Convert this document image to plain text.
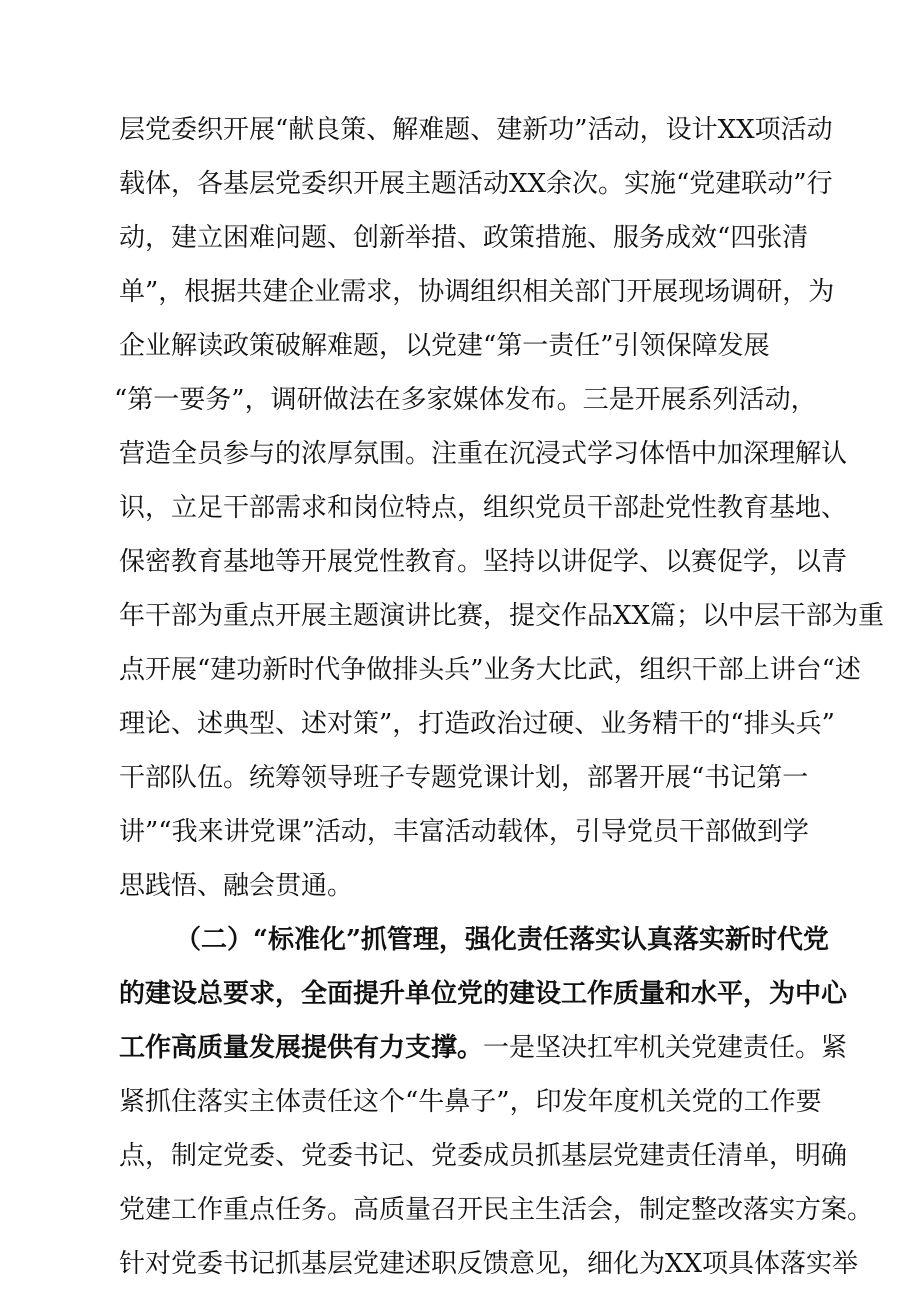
层党委织开展“献良策、解难题、建新功”活动，设计XX项活动
载体，各基层党委织开展主题活动XX余次。实施“党建联动”行
动，建立困难问题、创新举措、政策措施、服务成效“四张清
单”，根据共建企业需求，协调组织相关部门开展现场调研，为
企业解读政策破解难题，以党建“第一责任”引领保障发展
“第一要务”，调研做法在多家媒体发布。三是开展系列活动，
营造全员参与的浓厚氛围。注重在沉浸式学习体悟中加深理解认
识，立足干部需求和岗位特点，组织党员干部赴党性教育基地、
保密教育基地等开展党性教育。坚持以讲促学、以赛促学，以青
年干部为重点开展主题演讲比赛，提交作品XX篇；以中层干部为重
点开展“建功新时代争做排头兵”业务大比武，组织干部上讲台“述
理论、述典型、述对策”，打造政治过硬、业务精干的“排头兵”
干部队伍。统筹领导班子专题党课计划，部署开展“书记第一
讲”“我来讲党课”活动，丰富活动载体，引导党员干部做到学
思践悟、融会贯通。
（二）“标准化”抓管理，强化责任落实认真落实新时代党
的建设总要求，全面提升单位党的建设工作质量和水平，为中心
工作高质量发展提供有力支撑。一是坚决扛牢机关党建责任。紧
紧抓住落实主体责任这个“牛鼻子”，印发年度机关党的工作要
点，制定党委、党委书记、党委成员抓基层党建责任清单，明确
党建工作重点任务。高质量召开民主生活会，制定整改落实方案。
针对党委书记抓基层党建述职反馈意见，细化为XX项具体落实举
